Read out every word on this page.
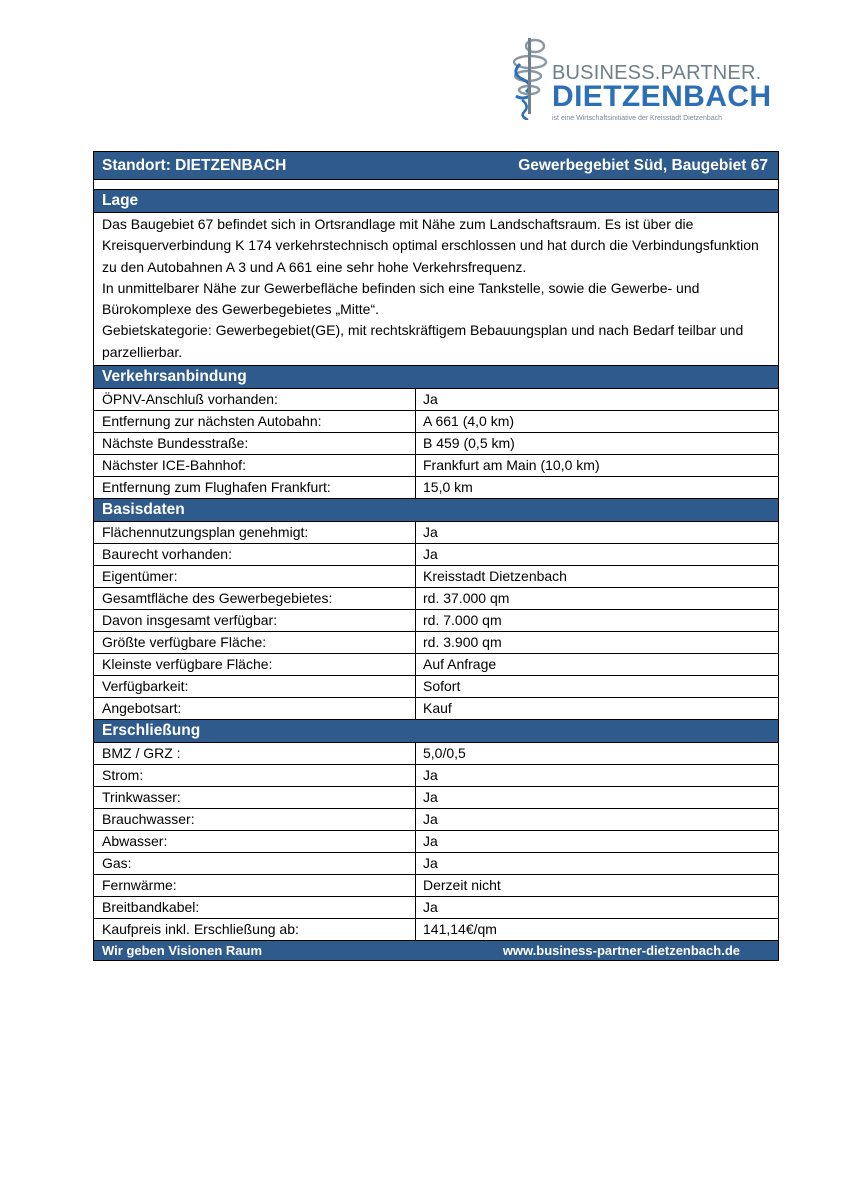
BUSINESS.PARTNER.
DIETZENBACH
ist eine Wirtschaftsinitiative der Kreisstadt Dietzenbach
Standort: DIETZENBACH	Gewerbegebiet Süd, Baugebiet 67
Lage

Das Baugebiet 67 befindet sich in Ortsrandlage mit Nähe zum Landschaftsraum. Es ist über die Kreisquerverbindung K 174 verkehrstechnisch optimal erschlossen und hat durch die Verbindungsfunktion zu den Autobahnen A 3 und A 661 eine sehr hohe Verkehrsfrequenz.

In unmittelbarer Nähe zur Gewerbefläche befinden sich eine Tankstelle, sowie die Gewerbe- und Bürokomplexe des Gewerbegebietes „Mitte“.

Gebietskategorie: Gewerbegebiet(GE), mit rechtskräftigem Bebauungsplan und nach Bedarf teilbar und parzellierbar.

Verkehrsanbindung
ÖPNV-Anschluß vorhanden:	Ja
Entfernung zur nächsten Autobahn:	A 661 (4,0 km)
Nächste Bundesstraße:	B 459 (0,5 km)
Nächster ICE-Bahnhof:	Frankfurt am Main (10,0 km)
Entfernung zum Flughafen Frankfurt:	15,0 km
Basisdaten
Flächennutzungsplan genehmigt:	Ja
Baurecht vorhanden:	Ja
Eigentümer:	Kreisstadt Dietzenbach
Gesamtfläche des Gewerbegebietes:	rd. 37.000 qm
Davon insgesamt verfügbar:	rd. 7.000 qm
Größte verfügbare Fläche:	rd. 3.900 qm
Kleinste verfügbare Fläche:	Auf Anfrage
Verfügbarkeit:	Sofort
Angebotsart:	Kauf
Erschließung
BMZ / GRZ :	5,0/0,5
Strom:	Ja
Trinkwasser:	Ja
Brauchwasser:	Ja
Abwasser:	Ja
Gas:	Ja
Fernwärme:	Derzeit nicht
Breitbandkabel:	Ja
Kaufpreis inkl. Erschließung ab:	141,14€/qm
Wir geben Visionen Raum	www.business-partner-dietzenbach.de
